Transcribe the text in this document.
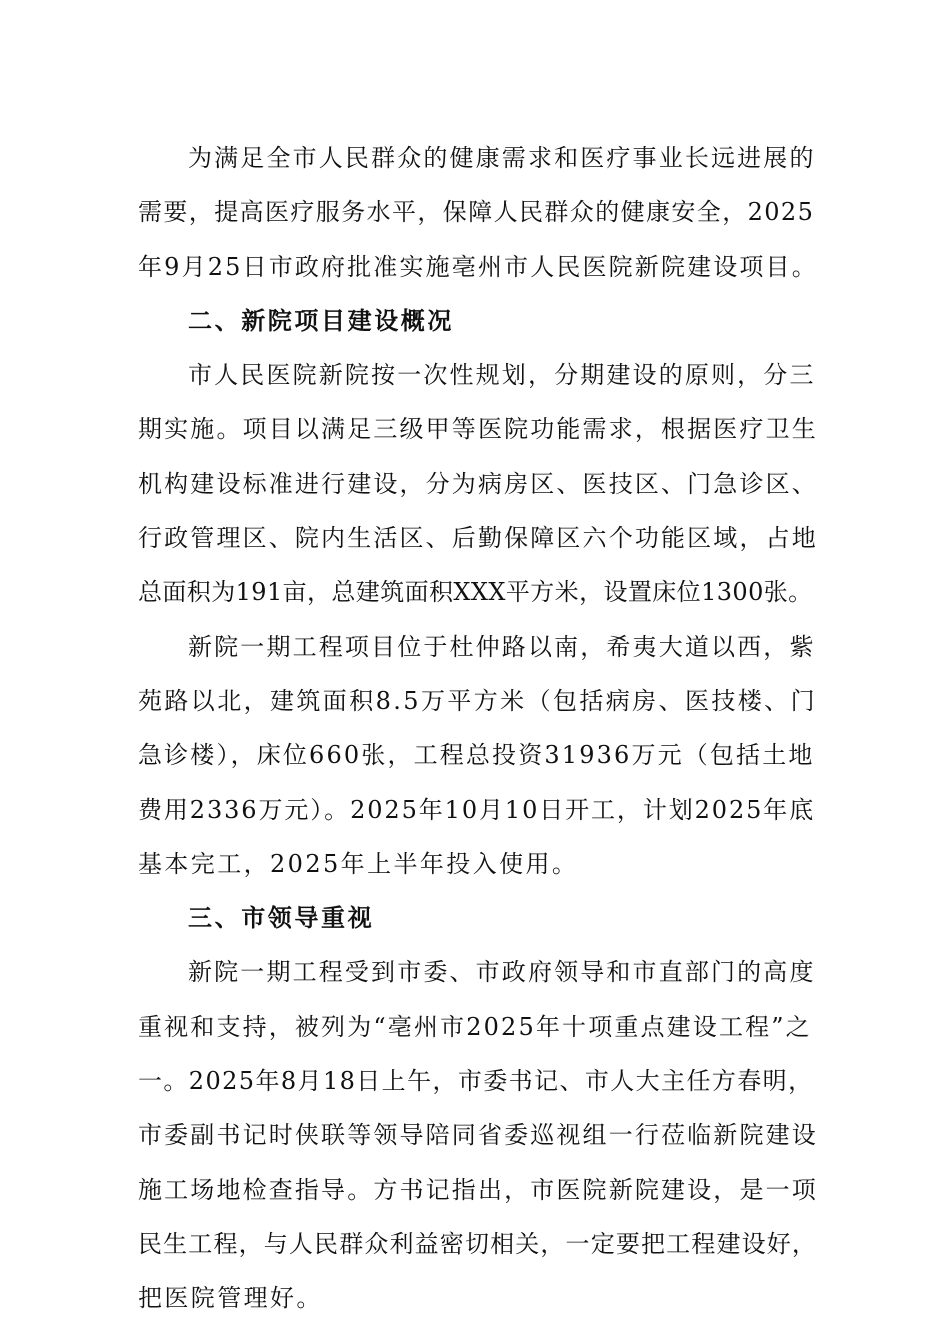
为满足全市人民群众的健康需求和医疗事业长远进展的
需要，提高医疗服务水平，保障人民群众的健康安全，2025
年9月25日市政府批准实施亳州市人民医院新院建设项目。
二、新院项目建设概况
市人民医院新院按一次性规划，分期建设的原则，分三
期实施。项目以满足三级甲等医院功能需求，根据医疗卫生
机构建设标准进行建设，分为病房区、医技区、门急诊区、
行政管理区、院内生活区、后勤保障区六个功能区域，占地
总面积为191亩，总建筑面积XXX平方米，设置床位1300张。
新院一期工程项目位于杜仲路以南，希夷大道以西，紫
苑路以北，建筑面积8.5万平方米（包括病房、医技楼、门
急诊楼），床位660张，工程总投资31936万元（包括土地
费用2336万元）。2025年10月10日开工，计划2025年底
基本完工，2025年上半年投入使用。
三、市领导重视
新院一期工程受到市委、市政府领导和市直部门的高度
重视和支持，被列为“亳州市2025年十项重点建设工程”之
一。2025年8月18日上午，市委书记、市人大主任方春明，
市委副书记时侠联等领导陪同省委巡视组一行莅临新院建设
施工场地检查指导。方书记指出，市医院新院建设，是一项
民生工程，与人民群众利益密切相关，一定要把工程建设好，
把医院管理好。
